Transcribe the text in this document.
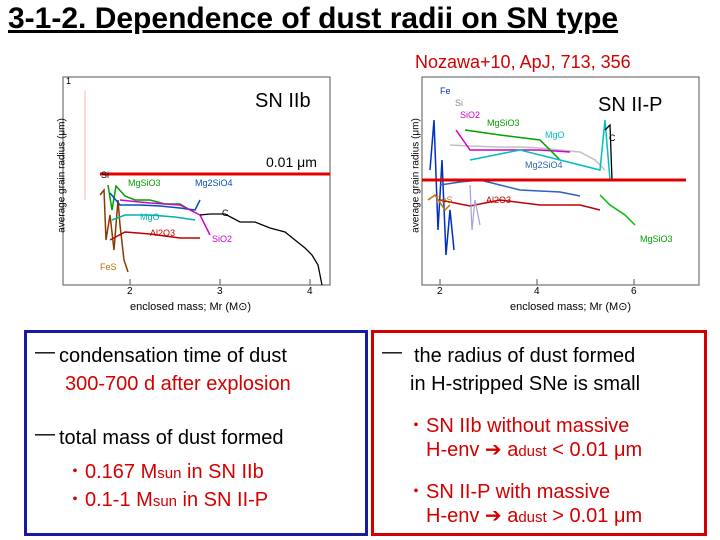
3-1-2. Dependence of dust radii on SN type
Nozawa+10, ApJ, 713, 356
SN IIb
0.01 μm
average grain radius (μm)
enclosed mass; Mr (M⊙)
1
2	3	4
Si
MgSiO3	Mg2SiO4
C
MgO
Al2O3
SiO2
FeS
SN II-P
average grain radius (μm)
enclosed mass; Mr (M⊙)
2	4	6
Fe
Si
SiO2
MgSiO3
MgO	C
Mg2SiO4
FeS	Al2O3
MgSiO3
— condensation time of dust
300-700 d after explosion
— total mass of dust formed
・0.167 Msun in SN IIb
・0.1-1 Msun in SN II-P
— the radius of dust formed
in H-stripped SNe is small
・SN IIb without massive
H-env ➔ adust < 0.01 μm
・SN II-P with massive
H-env ➔ adust > 0.01 μm
